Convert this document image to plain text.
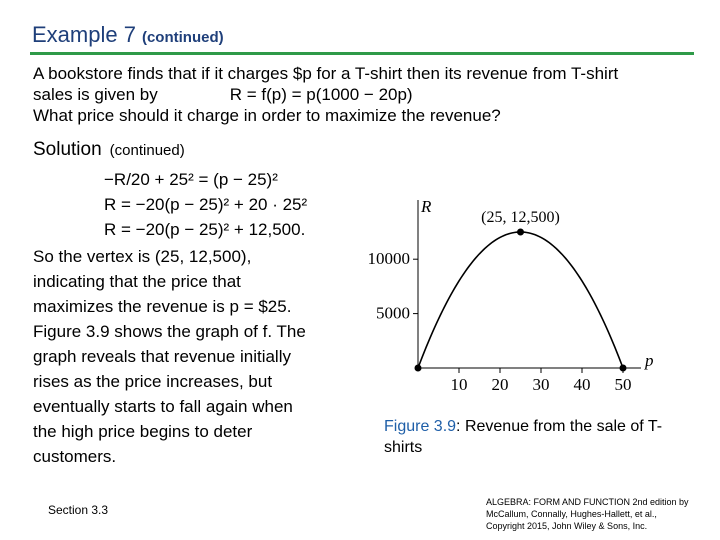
Example 7 (continued)
A bookstore finds that if it charges $p for a T-shirt then its revenue from T-shirt
sales is given by	R = f(p) = p(1000 − 20p)
What price should it charge in order to maximize the revenue?
Solution (continued)
−R/20 + 25² = (p − 25)²
R = −20(p − 25)² + 20 · 25²
R = −20(p − 25)² + 12,500.
So the vertex is (25, 12,500),
indicating that the price that
maximizes the revenue is p = $25.
Figure 3.9 shows the graph of f. The
graph reveals that revenue initially
rises as the price increases, but
eventually starts to fall again when
the high price begins to deter
customers.
10 20 30 40 50
5000
10000
p
R
(25, 12,500)
Figure 3.9: Revenue from the sale of T-shirts
Section 3.3
ALGEBRA: FORM AND FUNCTION 2nd edition by McCallum, Connally, Hughes-Hallett, et al., Copyright 2015, John Wiley & Sons, Inc.
